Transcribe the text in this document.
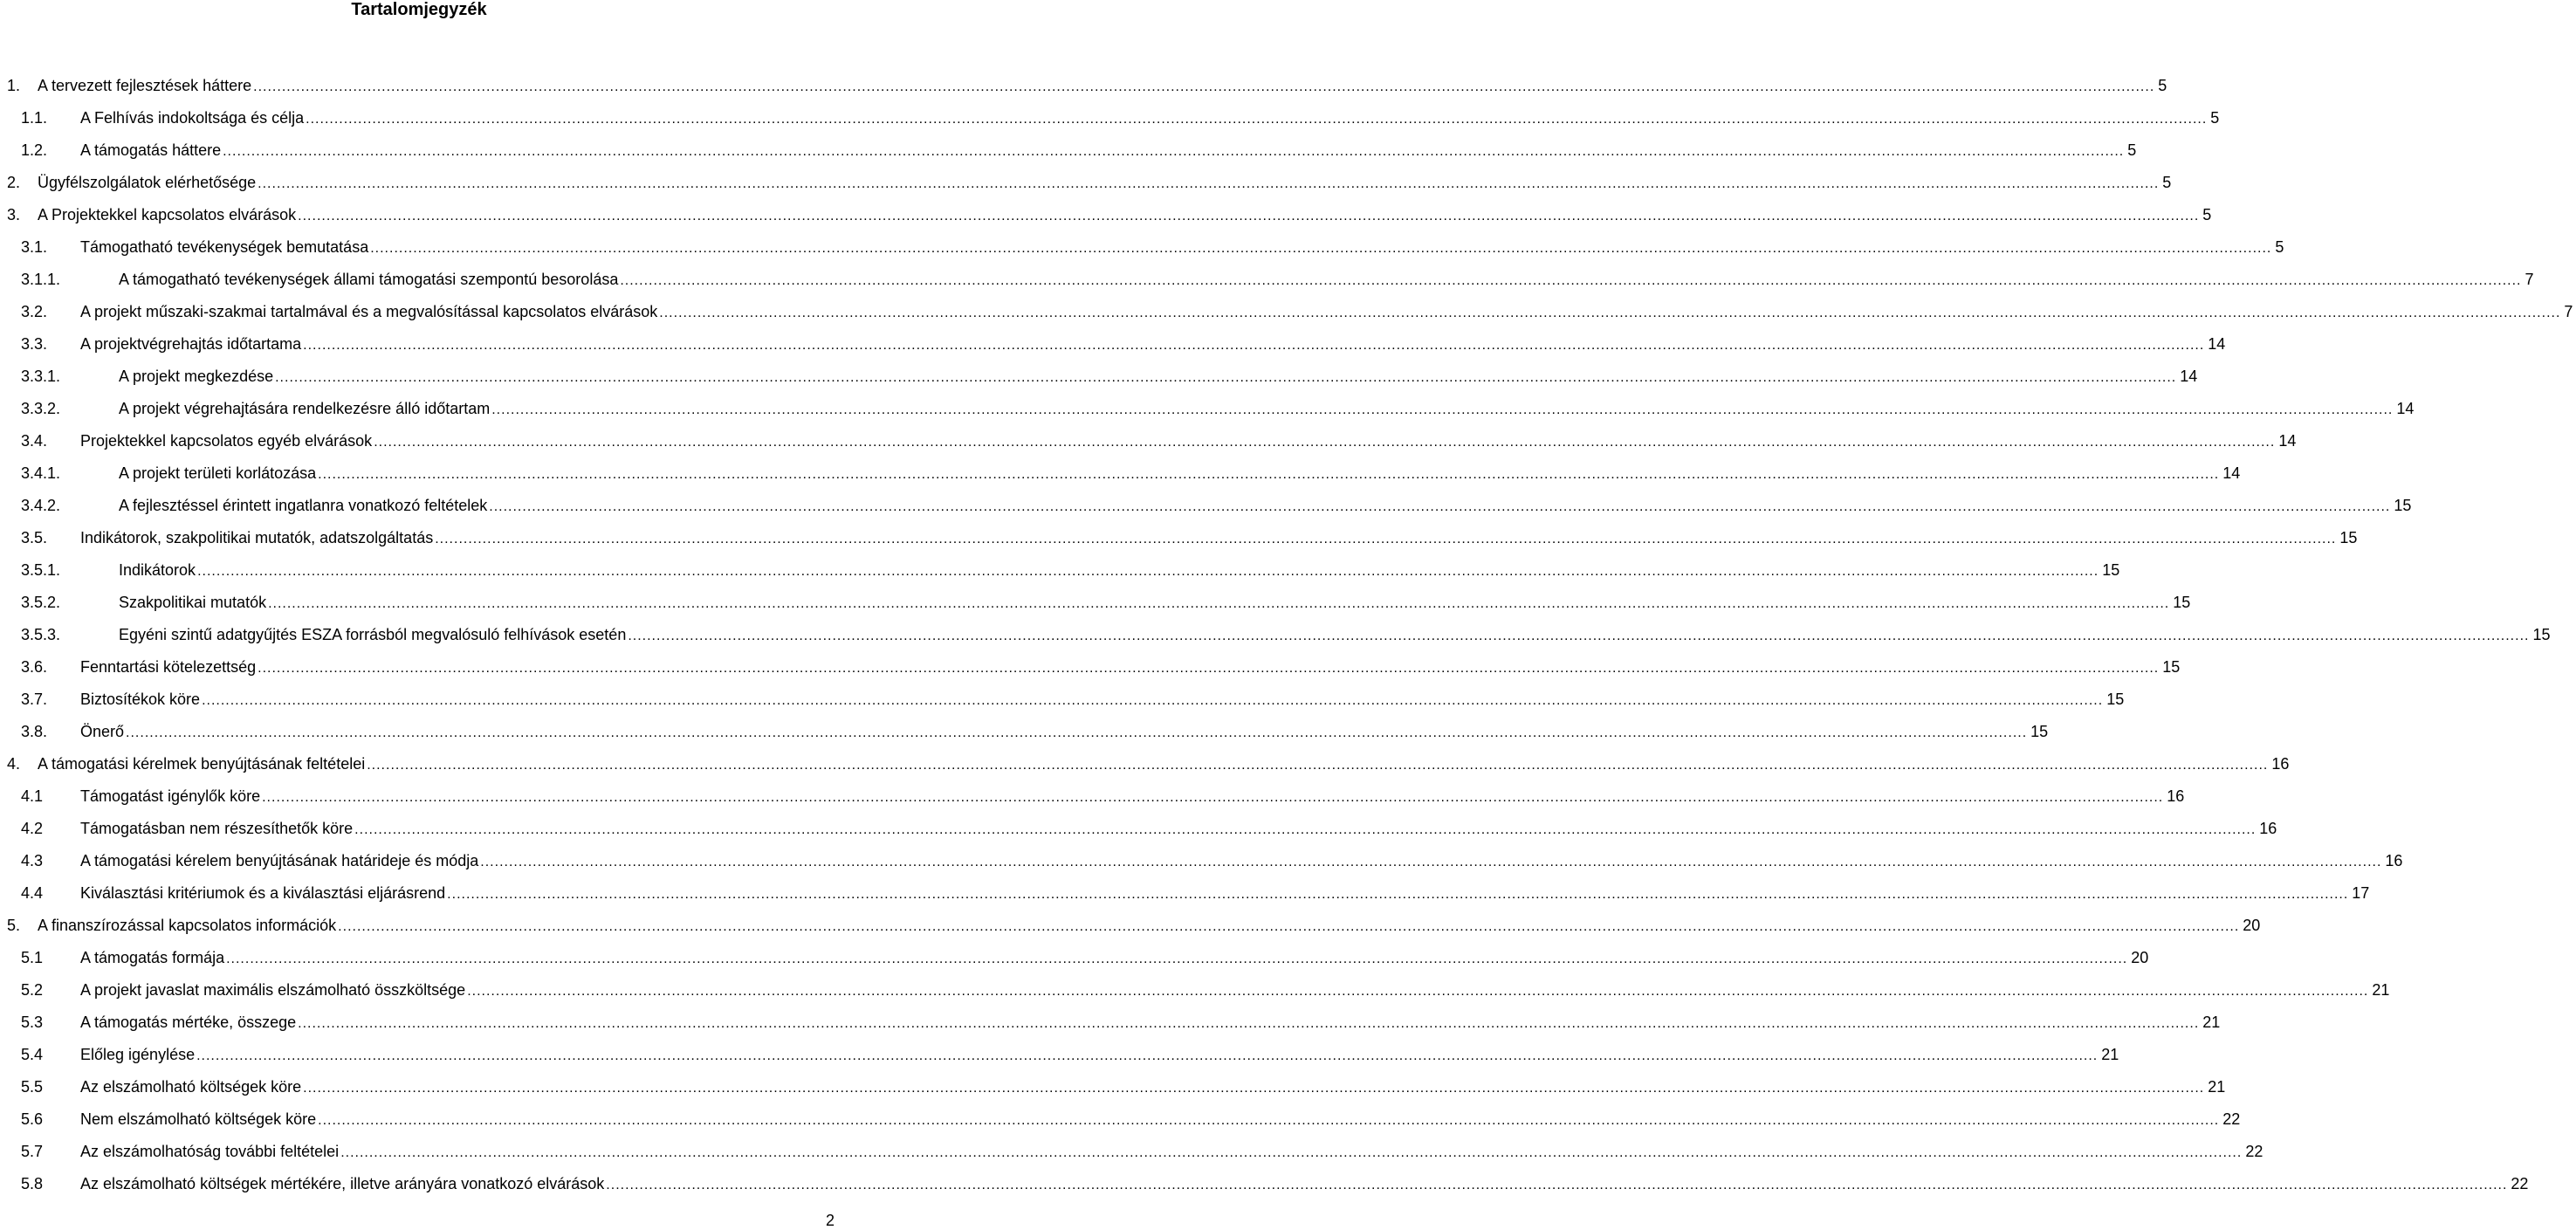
Tartalomjegyzék
1. A tervezett fejlesztések háttere ................................................................................................................................................................................................................................................................................................................................................................................................................ 5
1.1. A Felhívás indokoltsága és célja ................................................................................................................................................................................................................................................................................................................................................................................................................ 5
1.2. A támogatás háttere ................................................................................................................................................................................................................................................................................................................................................................................................................ 5
2. Ügyfélszolgálatok elérhetősége ................................................................................................................................................................................................................................................................................................................................................................................................................ 5
3. A Projektekkel kapcsolatos elvárások ................................................................................................................................................................................................................................................................................................................................................................................................................ 5
3.1. Támogatható tevékenységek bemutatása ................................................................................................................................................................................................................................................................................................................................................................................................................ 5
3.1.1.	A támogatható tevékenységek állami támogatási szempontú besorolása ................................................................................................................................................................................................................................................................................................................................................................................................................ 7
3.2. A projekt műszaki-szakmai tartalmával és a megvalósítással kapcsolatos elvárások ................................................................................................................................................................................................................................................................................................................................................................................................................ 7
3.3. A projektvégrehajtás időtartama ................................................................................................................................................................................................................................................................................................................................................................................................................ 14
3.3.1.	A projekt megkezdése ................................................................................................................................................................................................................................................................................................................................................................................................................ 14
3.3.2.	A projekt végrehajtására rendelkezésre álló időtartam ................................................................................................................................................................................................................................................................................................................................................................................................................ 14
3.4. Projektekkel kapcsolatos egyéb elvárások ................................................................................................................................................................................................................................................................................................................................................................................................................ 14
3.4.1.	A projekt területi korlátozása ................................................................................................................................................................................................................................................................................................................................................................................................................ 14
3.4.2.	A fejlesztéssel érintett ingatlanra vonatkozó feltételek ................................................................................................................................................................................................................................................................................................................................................................................................................ 15
3.5. Indikátorok, szakpolitikai mutatók, adatszolgáltatás ................................................................................................................................................................................................................................................................................................................................................................................................................ 15
3.5.1.	Indikátorok ................................................................................................................................................................................................................................................................................................................................................................................................................ 15
3.5.2.	Szakpolitikai mutatók ................................................................................................................................................................................................................................................................................................................................................................................................................ 15
3.5.3.	Egyéni szintű adatgyűjtés ESZA forrásból megvalósuló felhívások esetén ................................................................................................................................................................................................................................................................................................................................................................................................................ 15
3.6. Fenntartási kötelezettség ................................................................................................................................................................................................................................................................................................................................................................................................................ 15
3.7. Biztosítékok köre ................................................................................................................................................................................................................................................................................................................................................................................................................ 15
3.8. Önerő ................................................................................................................................................................................................................................................................................................................................................................................................................ 15
4. A támogatási kérelmek benyújtásának feltételei ................................................................................................................................................................................................................................................................................................................................................................................................................ 16
4.1 Támogatást igénylők köre ................................................................................................................................................................................................................................................................................................................................................................................................................ 16
4.2 Támogatásban nem részesíthetők köre ................................................................................................................................................................................................................................................................................................................................................................................................................ 16
4.3 A támogatási kérelem benyújtásának határideje és módja ................................................................................................................................................................................................................................................................................................................................................................................................................ 16
4.4 Kiválasztási kritériumok és a kiválasztási eljárásrend ................................................................................................................................................................................................................................................................................................................................................................................................................ 17
5. A finanszírozással kapcsolatos információk ................................................................................................................................................................................................................................................................................................................................................................................................................ 20
5.1 A támogatás formája ................................................................................................................................................................................................................................................................................................................................................................................................................ 20
5.2 A projekt javaslat maximális elszámolható összköltsége ................................................................................................................................................................................................................................................................................................................................................................................................................ 21
5.3 A támogatás mértéke, összege ................................................................................................................................................................................................................................................................................................................................................................................................................ 21
5.4 Előleg igénylése ................................................................................................................................................................................................................................................................................................................................................................................................................ 21
5.5 Az elszámolható költségek köre ................................................................................................................................................................................................................................................................................................................................................................................................................ 21
5.6 Nem elszámolható költségek köre ................................................................................................................................................................................................................................................................................................................................................................................................................ 22
5.7 Az elszámolhatóság további feltételei ................................................................................................................................................................................................................................................................................................................................................................................................................ 22
5.8 Az elszámolható költségek mértékére, illetve arányára vonatkozó elvárások ................................................................................................................................................................................................................................................................................................................................................................................................................ 22
2
